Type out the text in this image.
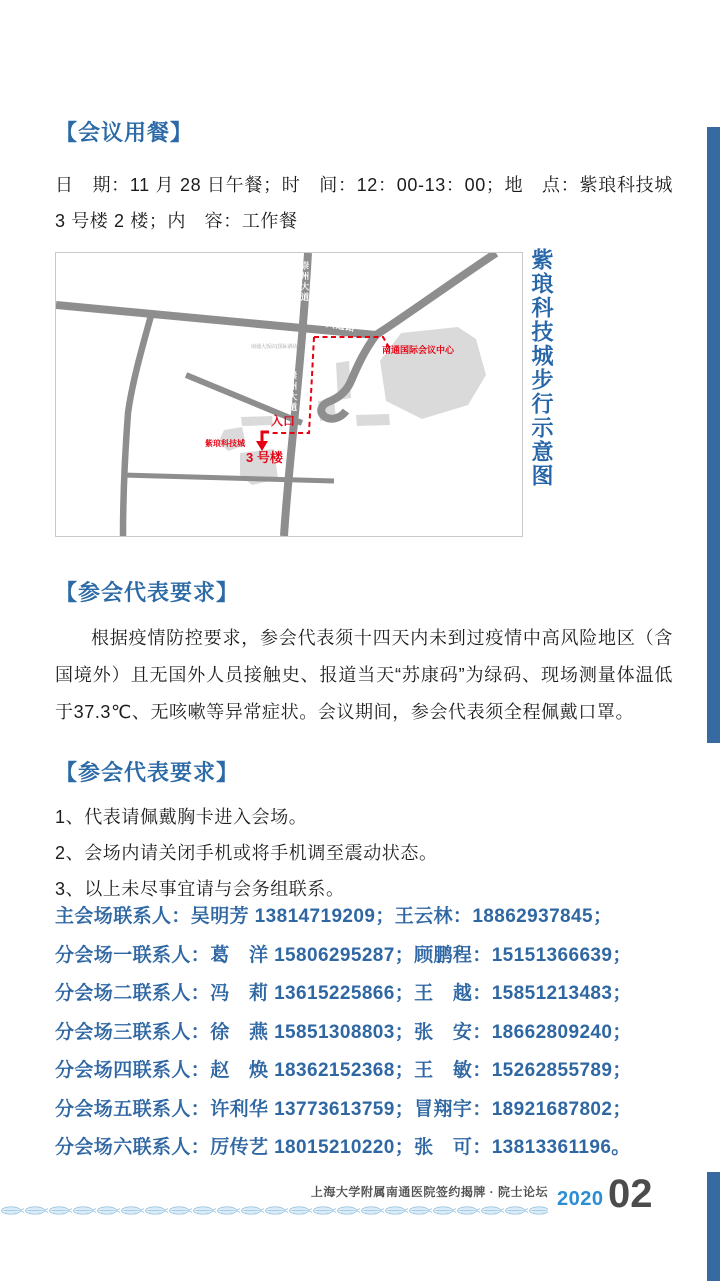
【会议用餐】
日　期：11 月 28 日午餐；时　间：12：00-13：00；地　点：紫琅科技城 3 号楼 2 楼；内　容：工作餐
兴通路
兴通路
崇州大道
崇州大道
南通大饭店(国际酒店)	南通国际会议中心
入口
紫琅科技城
3 号楼	紫琅科技城步行示意图
【参会代表要求】
根据疫情防控要求，参会代表须十四天内未到过疫情中高风险地区（含国境外）且无国外人员接触史、报道当天“苏康码”为绿码、现场测量体温低于37.3℃、无咳嗽等异常症状。会议期间，参会代表须全程佩戴口罩。
【参会代表要求】
1、代表请佩戴胸卡进入会场。
2、会场内请关闭手机或将手机调至震动状态。
3、以上未尽事宜请与会务组联系。
主会场联系人：吴明芳 13814719209；王云林：18862937845；
分会场一联系人：葛　洋 15806295287；顾鹏程：15151366639；
分会场二联系人：冯　莉 13615225866；王　越：15851213483；
分会场三联系人：徐　燕 15851308803；张　安：18662809240；
分会场四联系人：赵　焕 18362152368；王　敏：15262855789；
分会场五联系人：许利华 13773613759；冒翔宇：18921687802；
分会场六联系人：厉传艺 18015210220；张　可：13813361196。
上海大学附属南通医院签约揭牌 · 院士论坛 2020 02
